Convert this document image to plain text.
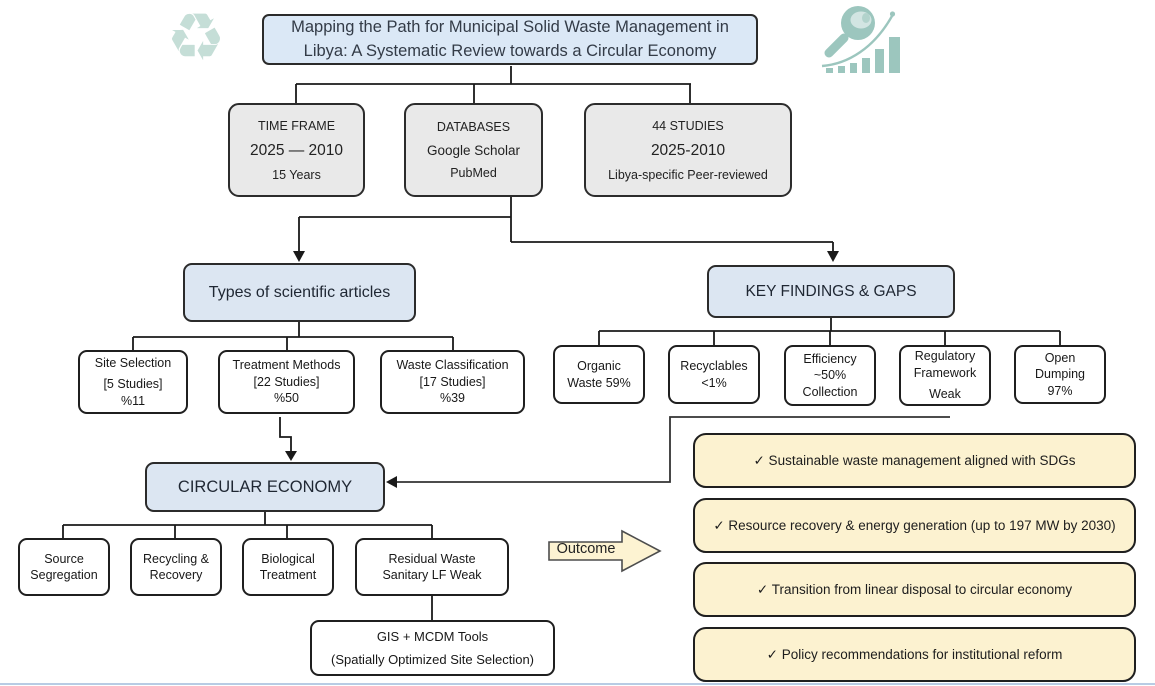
♻	Mapping the Path for Municipal Solid Waste Management in Libya: A Systematic Review towards a Circular Economy
TIME FRAME
2025 — 2010
15 Years
DATABASES
Google Scholar
PubMed
44 STUDIES
2025-2010
Libya-specific Peer-reviewed
Types of scientific articles
Site Selection
[5 Studies]
%11
Treatment Methods
[22 Studies]
%50
Waste Classification
[17 Studies]
%39
KEY FINDINGS & GAPS
Organic
Waste 59%
Recyclables
<1%
Efficiency
~50%
Collection
Regulatory
Framework
Weak
Open
Dumping
97%
CIRCULAR ECONOMY
Source
Segregation
Recycling &
Recovery
Biological
Treatment
Residual Waste
Sanitary LF Weak
GIS + MCDM Tools
(Spatially Optimized Site Selection)
Outcome
✓ Sustainable waste management aligned with SDGs
✓ Resource recovery & energy generation (up to 197 MW by 2030)
✓ Transition from linear disposal to circular economy
✓ Policy recommendations for institutional reform
